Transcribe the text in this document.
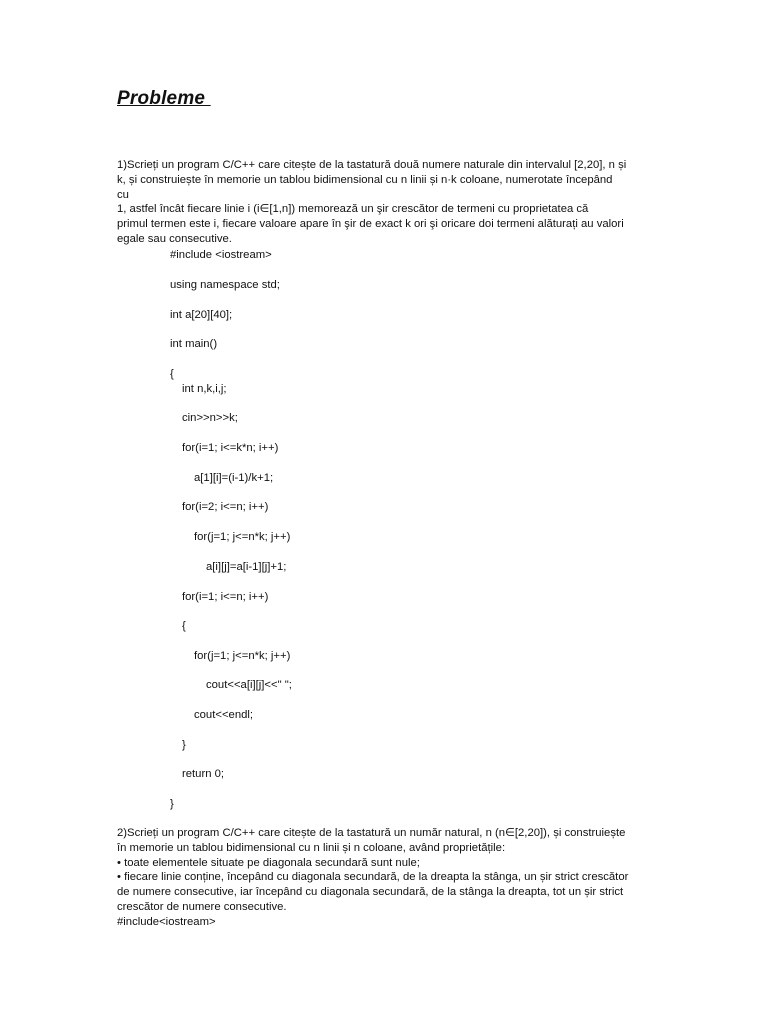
Probleme
1)Scrieți un program C/C++ care citește de la tastatură două numere naturale din intervalul [2,20], n și
k, și construiește în memorie un tablou bidimensional cu n linii și n·k coloane, numerotate începând
cu
1, astfel încât fiecare linie i (i∈[1,n]) memorează un şir crescător de termeni cu proprietatea că
primul termen este i, fiecare valoare apare în şir de exact k ori şi oricare doi termeni alăturați au valori
egale sau consecutive.
#include <iostream>
using namespace std;
int a[20][40];
int main()
{
int n,k,i,j;
cin>>n>>k;
for(i=1; i<=k*n; i++)
a[1][i]=(i-1)/k+1;
for(i=2; i<=n; i++)
for(j=1; j<=n*k; j++)
a[i][j]=a[i-1][j]+1;
for(i=1; i<=n; i++)
{
for(j=1; j<=n*k; j++)
cout<<a[i][j]<<" ";
cout<<endl;
}
return 0;
}
2)Scrieți un program C/C++ care citește de la tastatură un număr natural, n (n∈[2,20]), și construiește
în memorie un tablou bidimensional cu n linii și n coloane, având proprietățile:
• toate elementele situate pe diagonala secundară sunt nule;
• fiecare linie conține, începând cu diagonala secundară, de la dreapta la stânga, un șir strict crescător
de numere consecutive, iar începând cu diagonala secundară, de la stânga la dreapta, tot un șir strict
crescător de numere consecutive.
#include<iostream>
